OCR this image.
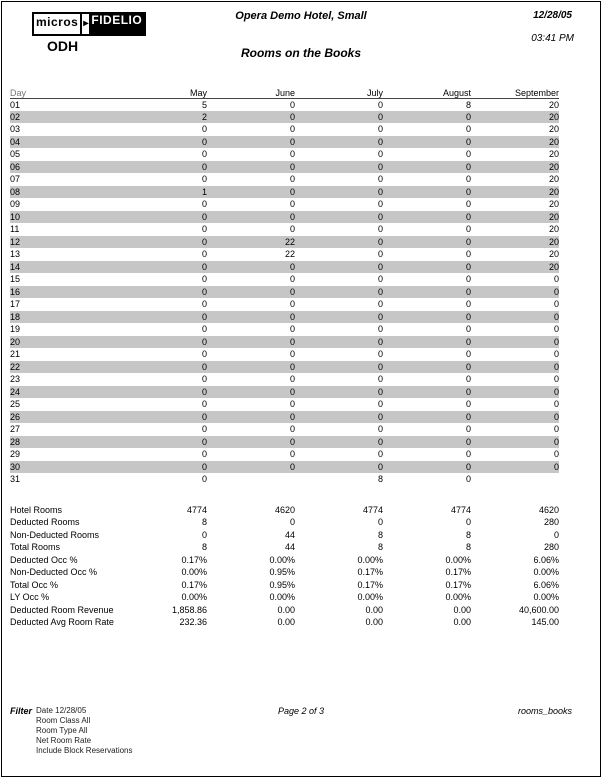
micros ▸ FIDELIO
ODH
Opera Demo Hotel, Small
Rooms on the Books
12/28/05
03:41 PM
Day	May	June	July	August	September
01	5	0	0	8	20
02	2	0	0	0	20
03	0	0	0	0	20
04	0	0	0	0	20
05	0	0	0	0	20
06	0	0	0	0	20
07	0	0	0	0	20
08	1	0	0	0	20
09	0	0	0	0	20
10	0	0	0	0	20
11	0	0	0	0	20
12	0	22	0	0	20
13	0	22	0	0	20
14	0	0	0	0	20
15	0	0	0	0	0
16	0	0	0	0	0
17	0	0	0	0	0
18	0	0	0	0	0
19	0	0	0	0	0
20	0	0	0	0	0
21	0	0	0	0	0
22	0	0	0	0	0
23	0	0	0	0	0
24	0	0	0	0	0
25	0	0	0	0	0
26	0	0	0	0	0
27	0	0	0	0	0
28	0	0	0	0	0
29	0	0	0	0	0
30	0	0	0	0	0
31	0		8	0	
Hotel Rooms	4774	4620	4774	4774	4620
Deducted Rooms	8	0	0	0	280
Non-Deducted Rooms	0	44	8	8	0
Total Rooms	8	44	8	8	280
Deducted Occ %	0.17%	0.00%	0.00%	0.00%	6.06%
Non-Deducted Occ %	0.00%	0.95%	0.17%	0.17%	0.00%
Total Occ %	0.17%	0.95%	0.17%	0.17%	6.06%
LY Occ %	0.00%	0.00%	0.00%	0.00%	0.00%
Deducted Room Revenue	1,858.86	0.00	0.00	0.00	40,600.00
Deducted Avg Room Rate	232.36	0.00	0.00	0.00	145.00
Filter Date 12/28/05
Room Class All
Room Type All
Net Room Rate
Include Block Reservations
Page 2 of 3	rooms_books
